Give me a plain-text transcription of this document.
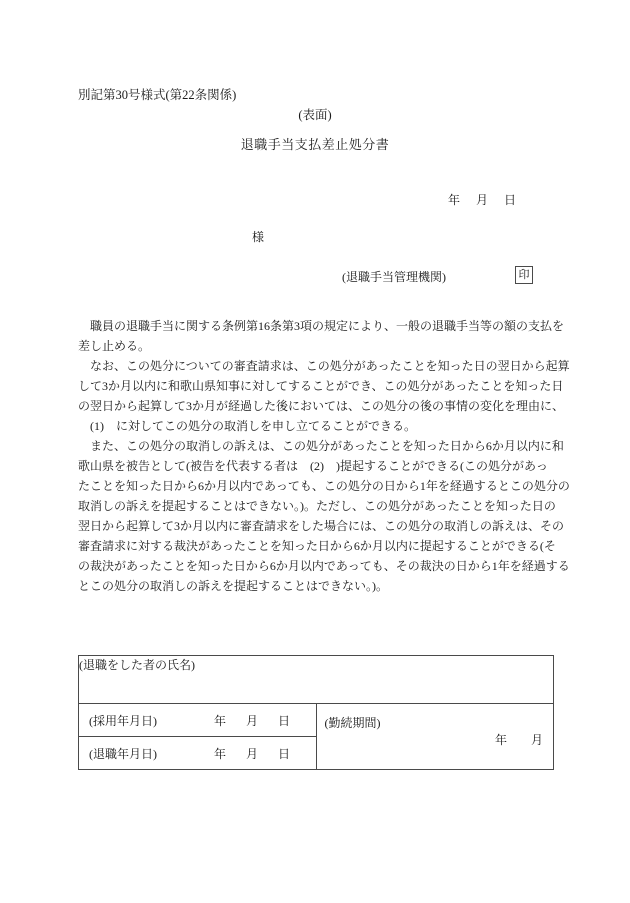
別記第30号様式(第22条関係)
(表面)
退職手当支払差止処分書
年　月　日
様
(退職手当管理機関)	印
　職員の退職手当に関する条例第16条第3項の規定により、一般の退職手当等の額の支払を
差し止める。
　なお、この処分についての審査請求は、この処分があったことを知った日の翌日から起算
して3か月以内に和歌山県知事に対してすることができ、この処分があったことを知った日
の翌日から起算して3か月が経過した後においては、この処分の後の事情の変化を理由に、
　(1)　に対してこの処分の取消しを申し立てることができる。
　また、この処分の取消しの訴えは、この処分があったことを知った日から6か月以内に和
歌山県を被告として(被告を代表する者は　(2)　)提起することができる(この処分があっ
たことを知った日から6か月以内であっても、この処分の日から1年を経過するとこの処分の
取消しの訴えを提起することはできない。)。ただし、この処分があったことを知った日の
翌日から起算して3か月以内に審査請求をした場合には、この処分の取消しの訴えは、その
審査請求に対する裁決があったことを知った日から6か月以内に提起することができる(そ
の裁決があったことを知った日から6か月以内であっても、その裁決の日から1年を経過する
とこの処分の取消しの訴えを提起することはできない。)。
(退職をした者の氏名)

(採用年月日)	年　月　日	(勤続期間)
年　　月

(退職年月日)	年　月　日
